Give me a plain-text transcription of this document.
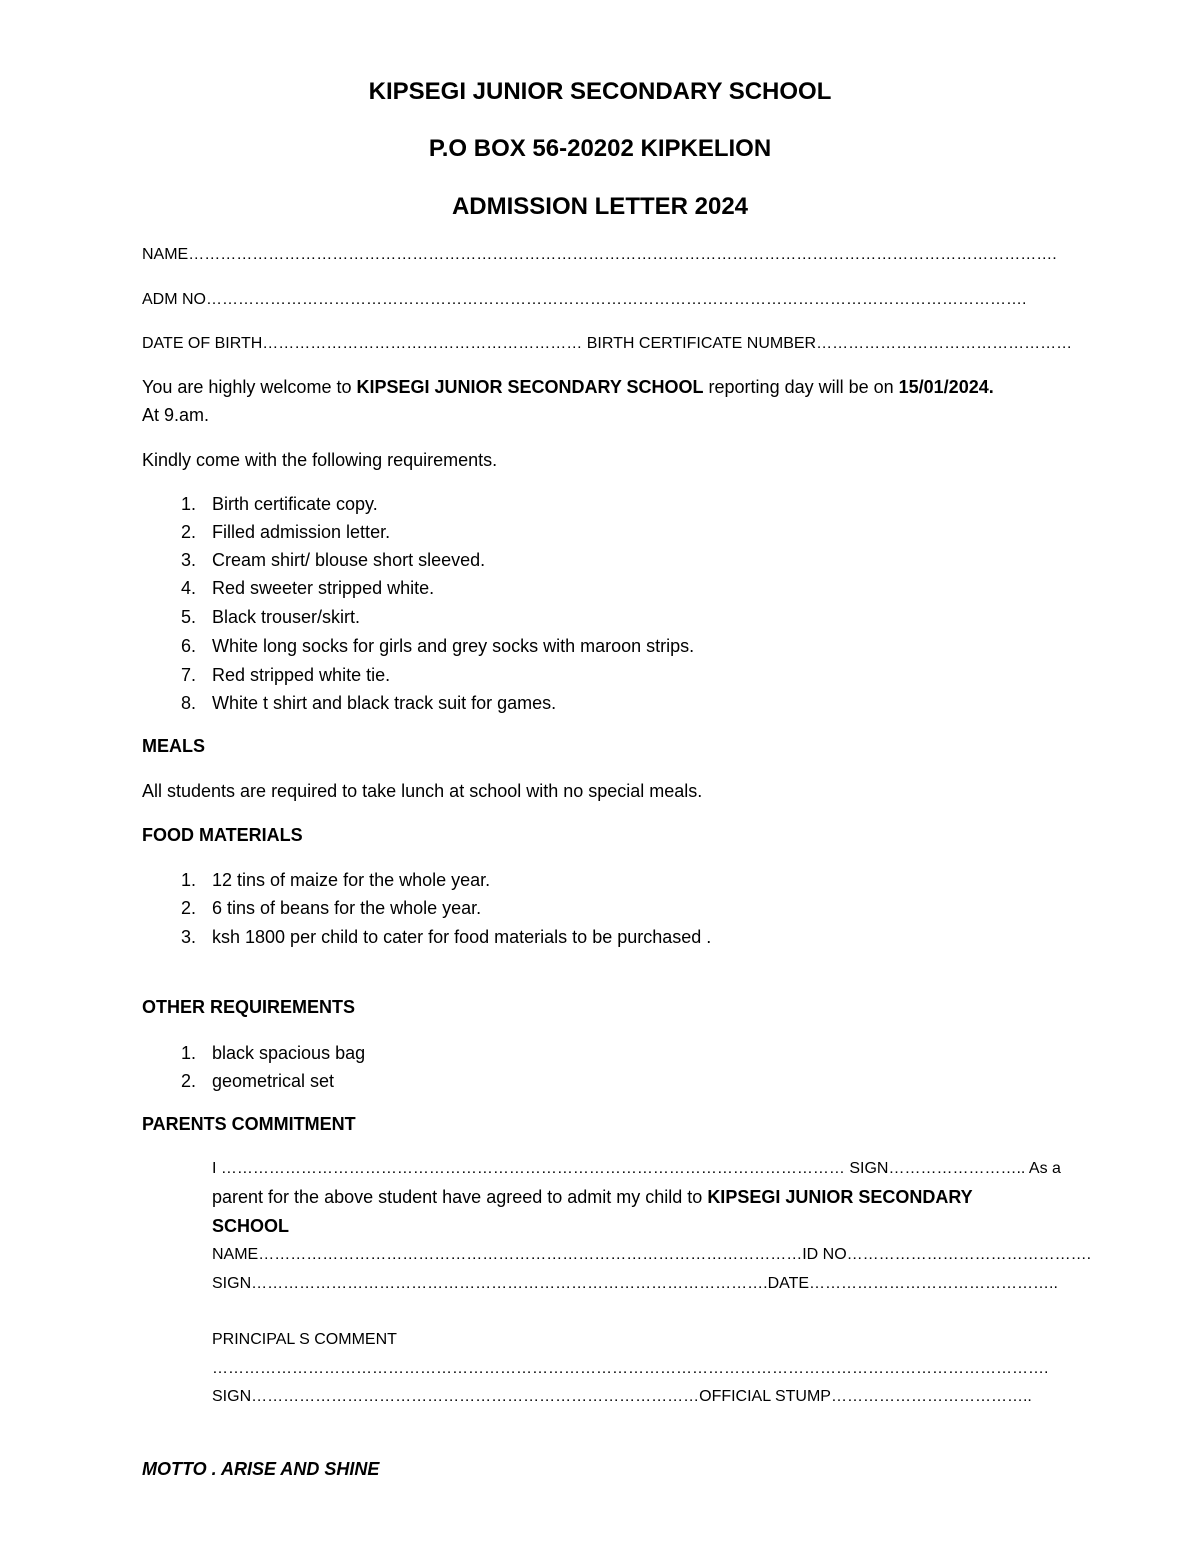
KIPSEGI JUNIOR SECONDARY SCHOOL
P.O BOX 56-20202 KIPKELION
ADMISSION LETTER 2024
NAME……………………………………………………………………………………………………………………………………………….
ADM NO……………………………………………………………………………………………………………………………………….
DATE OF BIRTH…………………………………………………… BIRTH CERTIFICATE NUMBER…………………………………………
You are highly welcome to KIPSEGI JUNIOR SECONDARY SCHOOL reporting day will be on 15/01/2024.
At 9.am.
Kindly come with the following requirements.
1. Birth certificate copy.
2. Filled admission letter.
3. Cream shirt/ blouse short sleeved.
4. Red sweeter stripped white.
5. Black trouser/skirt.
6. White long socks for girls and grey socks with maroon strips.
7. Red stripped white tie.
8. White t shirt and black track suit for games.
MEALS
All students are required to take lunch at school with no special meals.
FOOD MATERIALS
1. 12 tins of maize for the whole year.
2. 6 tins of beans for the whole year.
3. ksh 1800 per child to cater for food materials to be purchased .
OTHER REQUIREMENTS
1. black spacious bag
2. geometrical set
PARENTS COMMITMENT
I ……………………………………………………………………………………………………… SIGN…………………….. As a
parent for the above student have agreed to admit my child to KIPSEGI JUNIOR SECONDARY
SCHOOL
NAME…………………………………………………………………………………………ID NO……………………………………….
SIGN…………………………………………………………………………………….DATE………………………………………..
PRINCIPAL S COMMENT
………………………………………………………………………………………………………………………………………….
SIGN…………………………………………………………………………OFFICIAL STUMP………………………………..
MOTTO . ARISE AND SHINE
